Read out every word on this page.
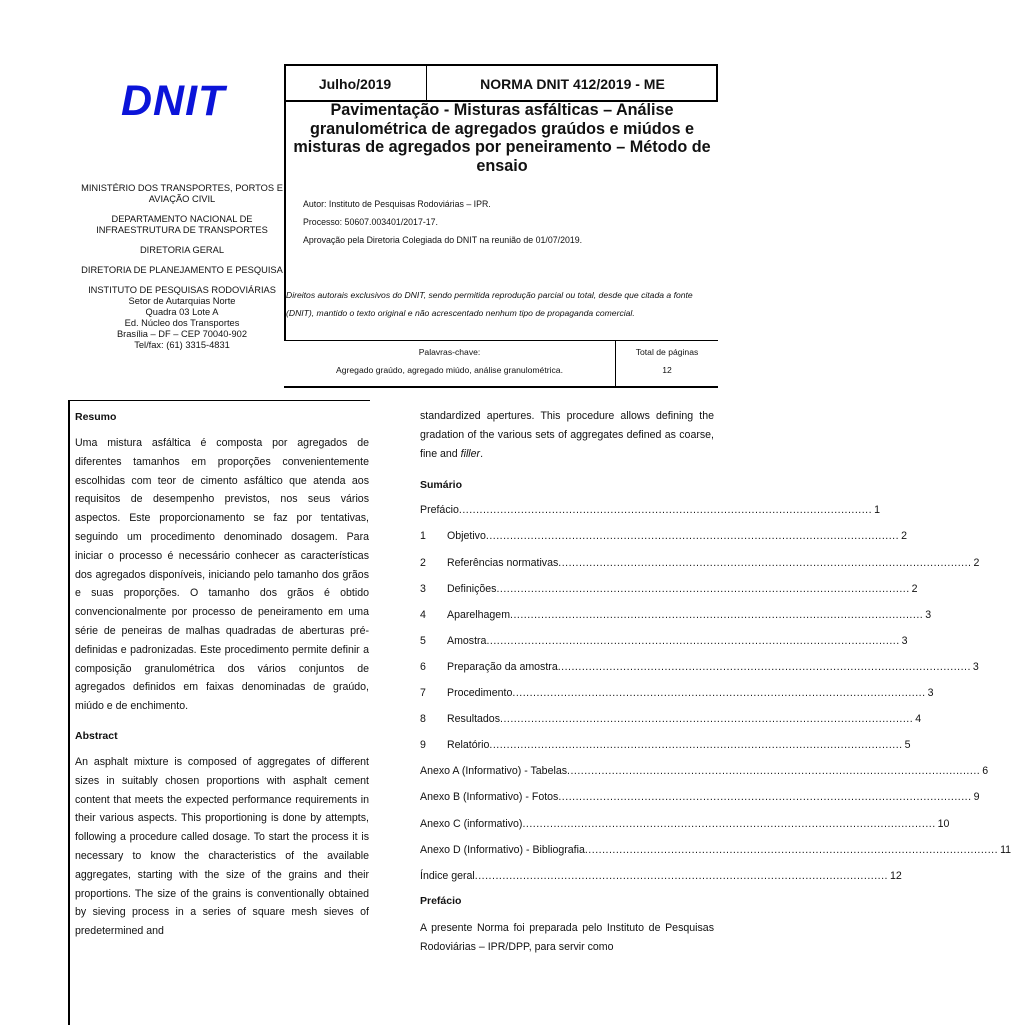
DNIT

MINISTÉRIO DOS TRANSPORTES, PORTOS E AVIAÇÃO CIVIL

DEPARTAMENTO NACIONAL DE INFRAESTRUTURA DE TRANSPORTES

DIRETORIA GERAL

DIRETORIA DE PLANEJAMENTO E PESQUISA

INSTITUTO DE PESQUISAS RODOVIÁRIAS

Setor de Autarquias Norte
Quadra 03 Lote A
Ed. Núcleo dos Transportes
Brasília – DF – CEP 70040-902
Tel/fax: (61) 3315-4831
Julho/2019	NORMA DNIT 412/2019 - ME
Pavimentação - Misturas asfálticas – Análise granulométrica de agregados graúdos e miúdos e misturas de agregados por peneiramento – Método de ensaio

Autor: Instituto de Pesquisas Rodoviárias – IPR.

Processo: 50607.003401/2017-17.

Aprovação pela Diretoria Colegiada do DNIT na reunião de 01/07/2019.

Direitos autorais exclusivos do DNIT, sendo permitida reprodução parcial ou total, desde que citada a fonte (DNIT), mantido o texto original e não acrescentado nenhum tipo de propaganda comercial.
Palavras-chave:
Agregado graúdo, agregado miúdo, análise granulométrica.
Total de páginas
12

Resumo

Uma mistura asfáltica é composta por agregados de diferentes tamanhos em proporções convenientemente escolhidas com teor de cimento asfáltico que atenda aos requisitos de desempenho previstos, nos seus vários aspectos. Este proporcionamento se faz por tentativas, seguindo um procedimento denominado dosagem. Para iniciar o processo é necessário conhecer as características dos agregados disponíveis, iniciando pelo tamanho dos grãos e suas proporções. O tamanho dos grãos é obtido convencionalmente por processo de peneiramento em uma série de peneiras de malhas quadradas de aberturas pré-definidas e padronizadas. Este procedimento permite definir a composição granulométrica dos vários conjuntos de agregados definidos em faixas denominadas de graúdo, miúdo e de enchimento.

Abstract

An asphalt mixture is composed of aggregates of different sizes in suitably chosen proportions with asphalt cement content that meets the expected performance requirements in their various aspects. This proportioning is done by attempts, following a procedure called dosage. To start the process it is necessary to know the characteristics of the available aggregates, starting with the size of the grains and their proportions. The size of the grains is conventionally obtained by sieving process in a series of square mesh sieves of predetermined and

standardized apertures. This procedure allows defining the gradation of the various sets of aggregates defined as coarse, fine and filler.

Sumário

Prefácio ........................................................................................................................ 1
1	Objetivo ........................................................................................................................ 2
2	Referências normativas ........................................................................................................................ 2
3	Definições ........................................................................................................................ 2
4	Aparelhagem ........................................................................................................................ 3
5	Amostra ........................................................................................................................ 3
6	Preparação da amostra ........................................................................................................................ 3
7	Procedimento ........................................................................................................................ 3
8	Resultados ........................................................................................................................ 4
9	Relatório ........................................................................................................................ 5
Anexo A (Informativo) - Tabelas ........................................................................................................................ 6
Anexo B (Informativo) - Fotos ........................................................................................................................ 9
Anexo C (informativo) ........................................................................................................................ 10
Anexo D (Informativo) - Bibliografia ........................................................................................................................ 11
Índice geral ........................................................................................................................ 12

Prefácio

A presente Norma foi preparada pelo Instituto de Pesquisas Rodoviárias – IPR/DPP, para servir como
